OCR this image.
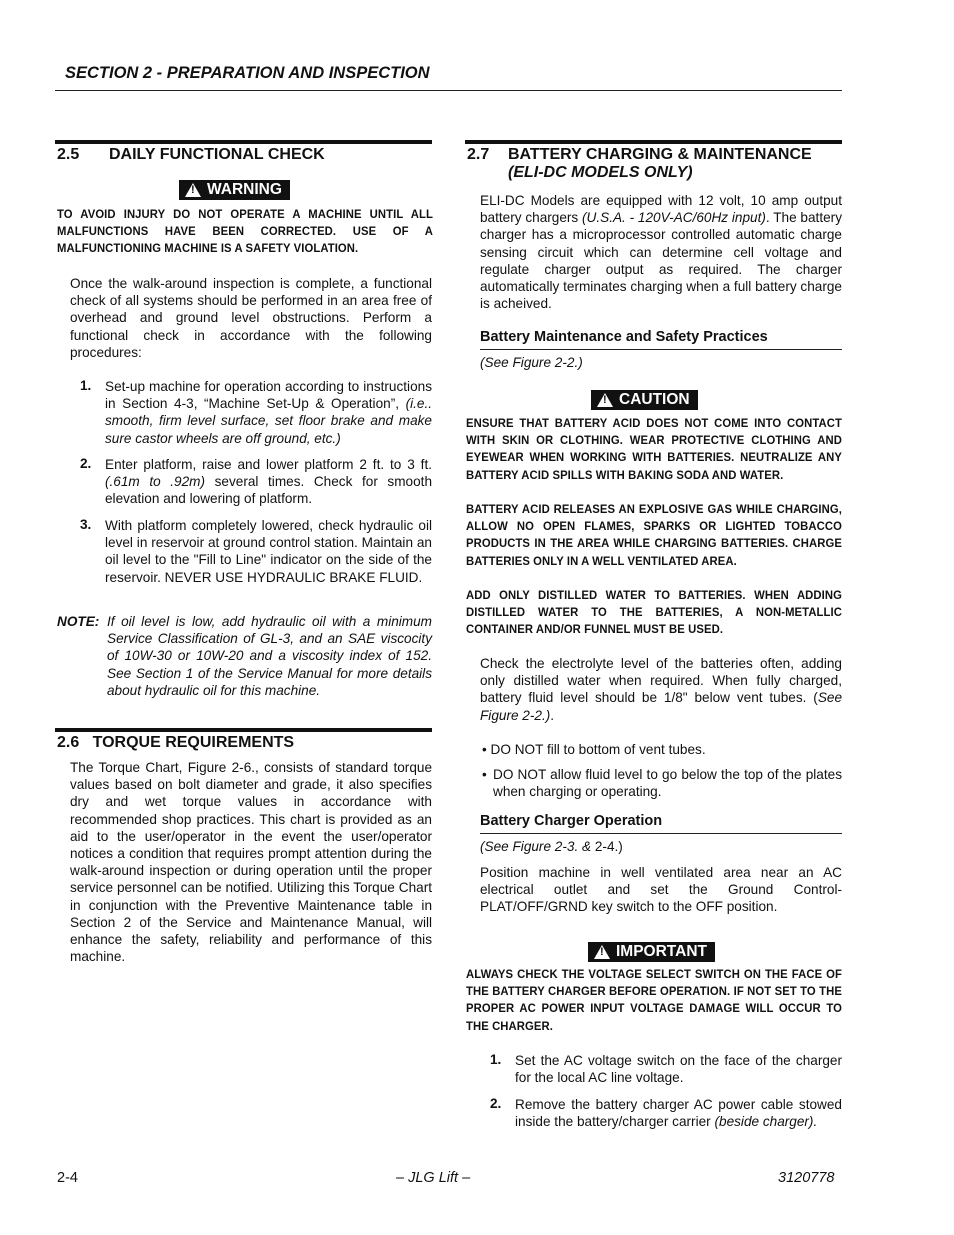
SECTION 2 - PREPARATION AND INSPECTION
2.5 DAILY FUNCTIONAL CHECK
!
WARNING
TO AVOID INJURY DO NOT OPERATE A MACHINE UNTIL ALL MALFUNCTIONS HAVE BEEN CORRECTED. USE OF A MALFUNCTIONING MACHINE IS A SAFETY VIOLATION.
Once the walk-around inspection is complete, a functional check of all systems should be performed in an area free of overhead and ground level obstructions. Perform a functional check in accordance with the following procedures:
1. Set-up machine for operation according to instructions in Section 4-3, “Machine Set-Up & Operation”, (i.e.. smooth, firm level surface, set floor brake and make sure castor wheels are off ground, etc.)
2. Enter platform, raise and lower platform 2 ft. to 3 ft. (.61m to .92m) several times. Check for smooth elevation and lowering of platform.
3. With platform completely lowered, check hydraulic oil level in reservoir at ground control station. Maintain an oil level to the "Fill to Line" indicator on the side of the reservoir. NEVER USE HYDRAULIC BRAKE FLUID.
NOTE: If oil level is low, add hydraulic oil with a minimum Service Classification of GL-3, and an SAE viscocity of 10W-30 or 10W-20 and a viscosity index of 152. See Section 1 of the Service Manual for more details about hydraulic oil for this machine.
2.6 TORQUE REQUIREMENTS
The Torque Chart, Figure 2-6., consists of standard torque values based on bolt diameter and grade, it also specifies dry and wet torque values in accordance with recommended shop practices. This chart is provided as an aid to the user/operator in the event the user/operator notices a condition that requires prompt attention during the walk-around inspection or during operation until the proper service personnel can be notified. Utilizing this Torque Chart in conjunction with the Preventive Maintenance table in Section 2 of the Service and Maintenance Manual, will enhance the safety, reliability and performance of this machine.
2.7 BATTERY CHARGING & MAINTENANCE
(ELI-DC MODELS ONLY)
ELI-DC Models are equipped with 12 volt, 10 amp output battery chargers (U.S.A. - 120V-AC/60Hz input). The battery charger has a microprocessor controlled automatic charge sensing circuit which can determine cell voltage and regulate charger output as required. The charger automatically terminates charging when a full battery charge is acheived.
Battery Maintenance and Safety Practices
(See Figure 2-2.)
!
CAUTION
ENSURE THAT BATTERY ACID DOES NOT COME INTO CONTACT WITH SKIN OR CLOTHING. WEAR PROTECTIVE CLOTHING AND EYEWEAR WHEN WORKING WITH BATTERIES. NEUTRALIZE ANY BATTERY ACID SPILLS WITH BAKING SODA AND WATER.
BATTERY ACID RELEASES AN EXPLOSIVE GAS WHILE CHARGING, ALLOW NO OPEN FLAMES, SPARKS OR LIGHTED TOBACCO PRODUCTS IN THE AREA WHILE CHARGING BATTERIES. CHARGE BATTERIES ONLY IN A WELL VENTILATED AREA.
ADD ONLY DISTILLED WATER TO BATTERIES. WHEN ADDING DISTILLED WATER TO THE BATTERIES, A NON-METALLIC CONTAINER AND/OR FUNNEL MUST BE USED.
Check the electrolyte level of the batteries often, adding only distilled water when required. When fully charged, battery fluid level should be 1/8" below vent tubes. (See Figure 2-2.).
• DO NOT fill to bottom of vent tubes.
• DO NOT allow fluid level to go below the top of the plates when charging or operating.
Battery Charger Operation
(See Figure 2-3. & 2-4.)
Position machine in well ventilated area near an AC electrical outlet and set the Ground Control-PLAT/OFF/GRND key switch to the OFF position.
!
IMPORTANT
ALWAYS CHECK THE VOLTAGE SELECT SWITCH ON THE FACE OF THE BATTERY CHARGER BEFORE OPERATION. IF NOT SET TO THE PROPER AC POWER INPUT VOLTAGE DAMAGE WILL OCCUR TO THE CHARGER.
1. Set the AC voltage switch on the face of the charger for the local AC line voltage.
2. Remove the battery charger AC power cable stowed inside the battery/charger carrier (beside charger).
2-4	– JLG Lift –	3120778
